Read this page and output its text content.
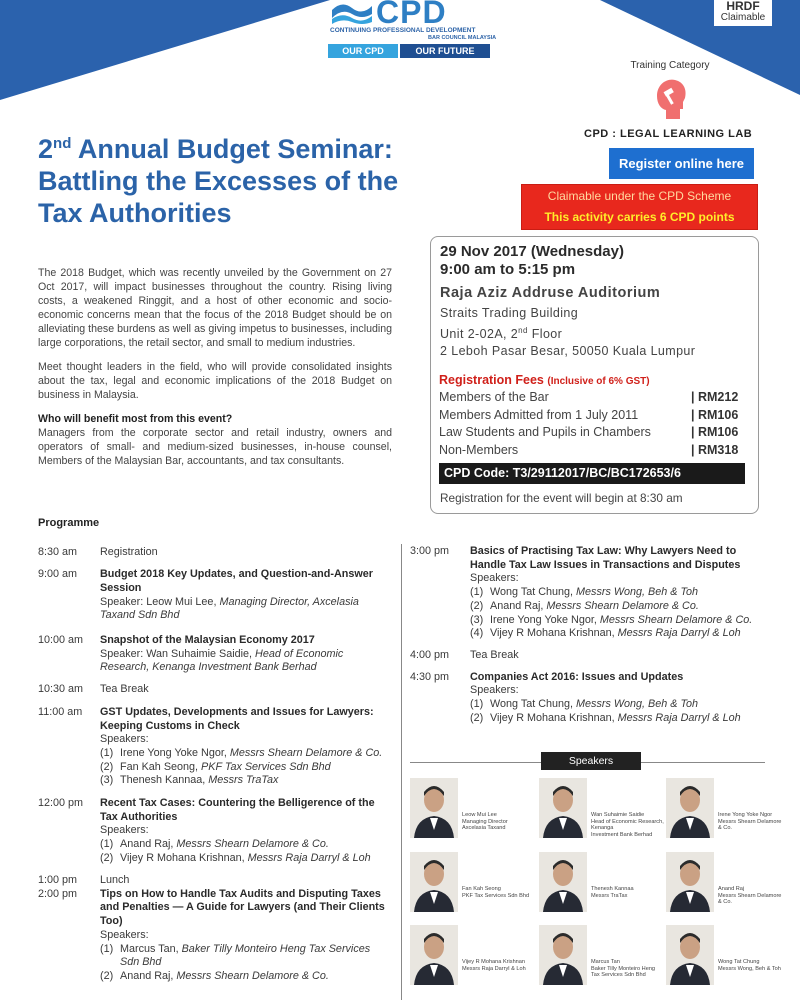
CPD
CONTINUING PROFESSIONAL DEVELOPMENT
BAR COUNCIL MALAYSIA
OUR CPD	OUR FUTURE
HRDF
Claimable
Training Category
CPD : LEGAL LEARNING LAB
Register online here
Claimable under the CPD Scheme
This activity carries 6 CPD points
2nd Annual Budget Seminar:
Battling the Excesses of the
Tax Authorities

The 2018 Budget, which was recently unveiled by the Government on 27 Oct 2017, will impact businesses throughout the country. Rising living costs, a weakened Ringgit, and a host of other economic and socio-economic concerns mean that the focus of the 2018 Budget should be on alleviating these burdens as well as giving impetus to businesses, including large corporations, the retail sector, and small to medium industries.

Meet thought leaders in the field, who will provide consolidated insights about the tax, legal and economic implications of the 2018 Budget on business in Malaysia.

Who will benefit most from this event?

Managers from the corporate sector and retail industry, owners and operators of small- and medium-sized businesses, in-house counsel, Members of the Malaysian Bar, accountants, and tax consultants.

29 Nov 2017 (Wednesday)
9:00 am to 5:15 pm
Raja Aziz Addruse Auditorium
Straits Trading Building
Unit 2-02A, 2nd Floor
2 Leboh Pasar Besar, 50050 Kuala Lumpur
Registration Fees (Inclusive of 6% GST)
Members of the Bar	| RM212
Members Admitted from 1 July 2011	| RM106
Law Students and Pupils in Chambers	| RM106
Non-Members	| RM318
CPD Code: T3/29112017/BC/BC172653/6
Registration for the event will begin at 8:30 am
Programme
8:30 am	Registration
9:00 am	Budget 2018 Key Updates, and Question-and-Answer Session
Speaker: Leow Mui Lee, Managing Director, Axcelasia Taxand Sdn Bhd
10:00 am	Snapshot of the Malaysian Economy 2017
Speaker: Wan Suhaimie Saidie, Head of Economic Research, Kenanga Investment Bank Berhad
10:30 am	Tea Break
11:00 am	GST Updates, Developments and Issues for Lawyers: Keeping Customs in Check
Speakers:
(1) Irene Yong Yoke Ngor, Messrs Shearn Delamore & Co.
(2) Fan Kah Seong, PKF Tax Services Sdn Bhd
(3) Thenesh Kannaa, Messrs TraTax
12:00 pm	Recent Tax Cases: Countering the Belligerence of the Tax Authorities
Speakers:
(1) Anand Raj, Messrs Shearn Delamore & Co.
(2) Vijey R Mohana Krishnan, Messrs Raja Darryl & Loh
1:00 pm	Lunch
2:00 pm	Tips on How to Handle Tax Audits and Disputing Taxes and Penalties — A Guide for Lawyers (and Their Clients Too)
Speakers:
(1) Marcus Tan, Baker Tilly Monteiro Heng Tax Services Sdn Bhd
(2) Anand Raj, Messrs Shearn Delamore & Co.
3:00 pm	Basics of Practising Tax Law: Why Lawyers Need to Handle Tax Law Issues in Transactions and Disputes
Speakers:
(1) Wong Tat Chung, Messrs Wong, Beh & Toh
(2) Anand Raj, Messrs Shearn Delamore & Co.
(3) Irene Yong Yoke Ngor, Messrs Shearn Delamore & Co.
(4) Vijey R Mohana Krishnan, Messrs Raja Darryl & Loh
4:00 pm	Tea Break
4:30 pm	Companies Act 2016: Issues and Updates
Speakers:
(1) Wong Tat Chung, Messrs Wong, Beh & Toh
(2) Vijey R Mohana Krishnan, Messrs Raja Darryl & Loh
Speakers
Leow Mui Lee
Managing Director
Axcelasia Taxand
Wan Suhaimie Saidie
Head of Economic Research, Kenanga
Investment Bank Berhad
Irene Yong Yoke Ngor
Messrs Shearn Delamore
& Co.
Fan Kah Seong
PKF Tax Services Sdn Bhd
Thenesh Kannaa
Messrs TraTax
Anand Raj
Messrs Shearn Delamore
& Co.
Vijey R Mohana Krishnan
Messrs Raja Darryl & Loh
Marcus Tan
Baker Tilly Monteiro Heng
Tax Services Sdn Bhd
Wong Tat Chung
Messrs Wong, Beh & Toh
